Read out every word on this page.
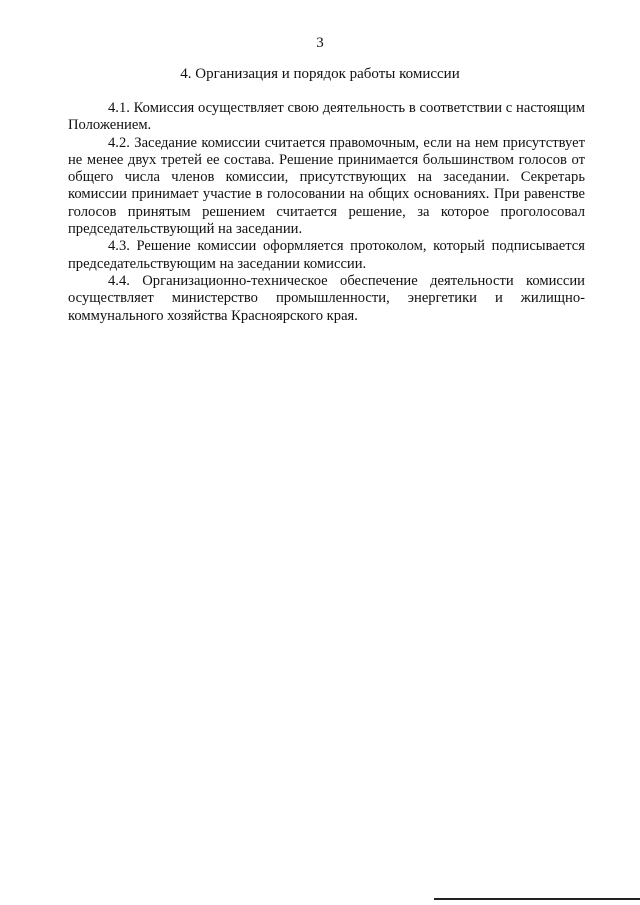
3
4. Организация и порядок работы комиссии

4.1. Комиссия осуществляет свою деятельность в соответствии с настоящим Положением.

4.2. Заседание комиссии считается правомочным, если на нем присутствует не менее двух третей ее состава. Решение принимается большинством голосов от общего числа членов комиссии, присутствующих на заседании. Секретарь комиссии принимает участие в голосовании на общих основаниях. При равенстве голосов принятым решением считается решение, за которое проголосовал председательствующий на заседании.

4.3. Решение комиссии оформляется протоколом, который подписывается председательствующим на заседании комиссии.

4.4. Организационно-техническое обеспечение деятельности комиссии осуществляет министерство промышленности, энергетики и жилищно-коммунального хозяйства Красноярского края.
